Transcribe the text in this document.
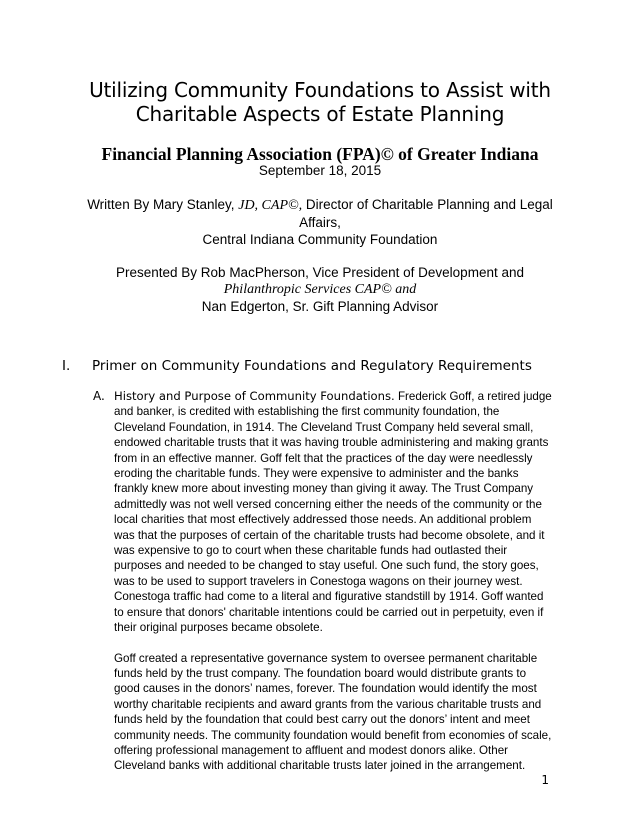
Utilizing Community Foundations to Assist with
Charitable Aspects of Estate Planning
Financial Planning Association (FPA)© of Greater Indiana
September 18, 2015
Written By Mary Stanley, JD, CAP©, Director of Charitable Planning and Legal Affairs,
Central Indiana Community Foundation
Presented By Rob MacPherson, Vice President of Development and
Philanthropic Services CAP© and
Nan Edgerton, Sr. Gift Planning Advisor
I. Primer on Community Foundations and Regulatory Requirements
A. History and Purpose of Community Foundations. Frederick Goff, a retired judge and banker, is credited with establishing the first community foundation, the Cleveland Foundation, in 1914. The Cleveland Trust Company held several small, endowed charitable trusts that it was having trouble administering and making grants from in an effective manner. Goff felt that the practices of the day were needlessly eroding the charitable funds. They were expensive to administer and the banks frankly knew more about investing money than giving it away. The Trust Company admittedly was not well versed concerning either the needs of the community or the local charities that most effectively addressed those needs. An additional problem was that the purposes of certain of the charitable trusts had become obsolete, and it was expensive to go to court when these charitable funds had outlasted their purposes and needed to be changed to stay useful. One such fund, the story goes, was to be used to support travelers in Conestoga wagons on their journey west. Conestoga traffic had come to a literal and figurative standstill by 1914. Goff wanted to ensure that donors' charitable intentions could be carried out in perpetuity, even if their original purposes became obsolete.

Goff created a representative governance system to oversee permanent charitable funds held by the trust company. The foundation board would distribute grants to good causes in the donors’ names, forever. The foundation would identify the most worthy charitable recipients and award grants from the various charitable trusts and funds held by the foundation that could best carry out the donors’ intent and meet community needs. The community foundation would benefit from economies of scale, offering professional management to affluent and modest donors alike. Other Cleveland banks with additional charitable trusts later joined in the arrangement.

1
